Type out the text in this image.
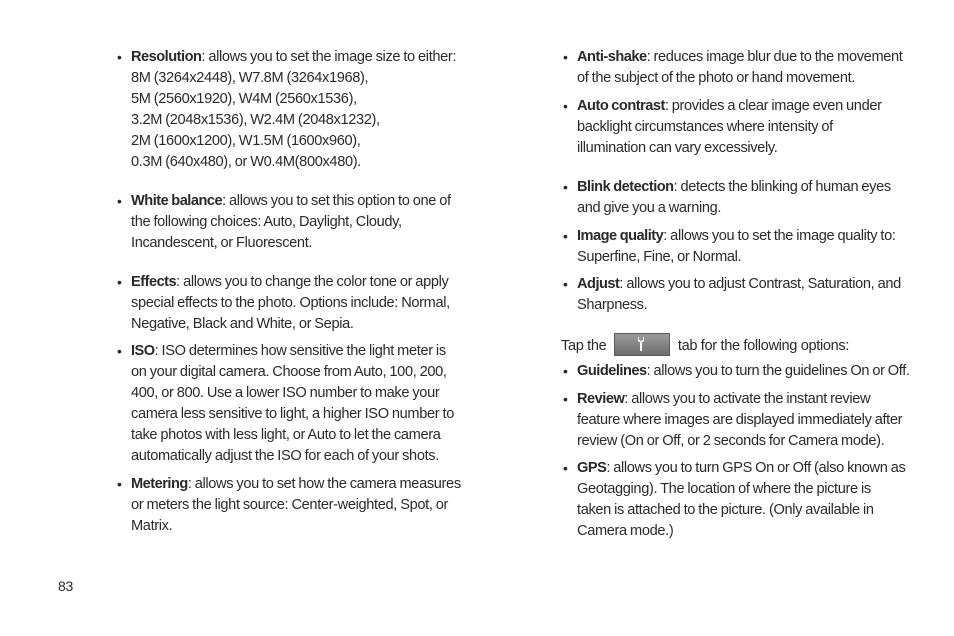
• Resolution: allows you to set the image size to either:
8M (3264x2448), W7.8M (3264x1968),
5M (2560x1920), W4M (2560x1536),
3.2M (2048x1536), W2.4M (2048x1232),
2M (1600x1200), W1.5M (1600x960),
0.3M (640x480), or W0.4M(800x480).
• White balance: allows you to set this option to one of
the following choices: Auto, Daylight, Cloudy,
Incandescent, or Fluorescent.
• Effects: allows you to change the color tone or apply
special effects to the photo. Options include: Normal,
Negative, Black and White, or Sepia.
• ISO: ISO determines how sensitive the light meter is
on your digital camera. Choose from Auto, 100, 200,
400, or 800. Use a lower ISO number to make your
camera less sensitive to light, a higher ISO number to
take photos with less light, or Auto to let the camera
automatically adjust the ISO for each of your shots.
• Metering: allows you to set how the camera measures
or meters the light source: Center-weighted, Spot, or
Matrix.
• Anti-shake: reduces image blur due to the movement
of the subject of the photo or hand movement.
• Auto contrast: provides a clear image even under
backlight circumstances where intensity of
illumination can vary excessively.
• Blink detection: detects the blinking of human eyes
and give you a warning.
• Image quality: allows you to set the image quality to:
Superfine, Fine, or Normal.
• Adjust: allows you to adjust Contrast, Saturation, and
Sharpness.
Tap the	tab for the following options:
• Guidelines: allows you to turn the guidelines On or Off.
• Review: allows you to activate the instant review
feature where images are displayed immediately after
review (On or Off, or 2 seconds for Camera mode).
• GPS: allows you to turn GPS On or Off (also known as
Geotagging). The location of where the picture is
taken is attached to the picture. (Only available in
Camera mode.)
83
